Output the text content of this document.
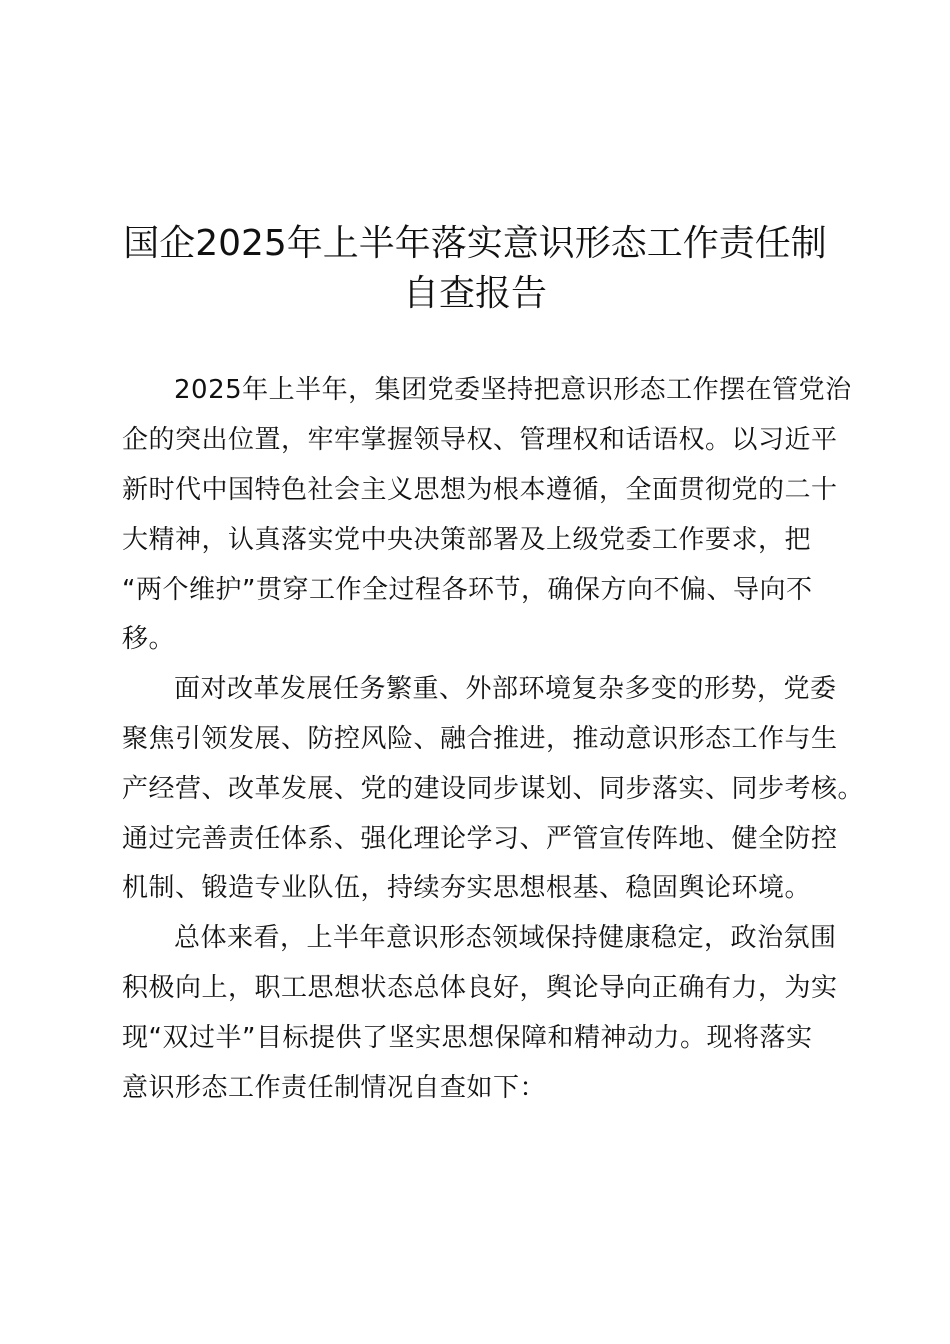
国企2025年上半年落实意识形态工作责任制
自查报告
2025年上半年，集团党委坚持把意识形态工作摆在管党治
企的突出位置，牢牢掌握领导权、管理权和话语权。以习近平
新时代中国特色社会主义思想为根本遵循，全面贯彻党的二十
大精神，认真落实党中央决策部署及上级党委工作要求，把
“两个维护”贯穿工作全过程各环节，确保方向不偏、导向不
移。
面对改革发展任务繁重、外部环境复杂多变的形势，党委
聚焦引领发展、防控风险、融合推进，推动意识形态工作与生
产经营、改革发展、党的建设同步谋划、同步落实、同步考核。
通过完善责任体系、强化理论学习、严管宣传阵地、健全防控
机制、锻造专业队伍，持续夯实思想根基、稳固舆论环境。
总体来看，上半年意识形态领域保持健康稳定，政治氛围
积极向上，职工思想状态总体良好，舆论导向正确有力，为实
现“双过半”目标提供了坚实思想保障和精神动力。现将落实
意识形态工作责任制情况自查如下：
